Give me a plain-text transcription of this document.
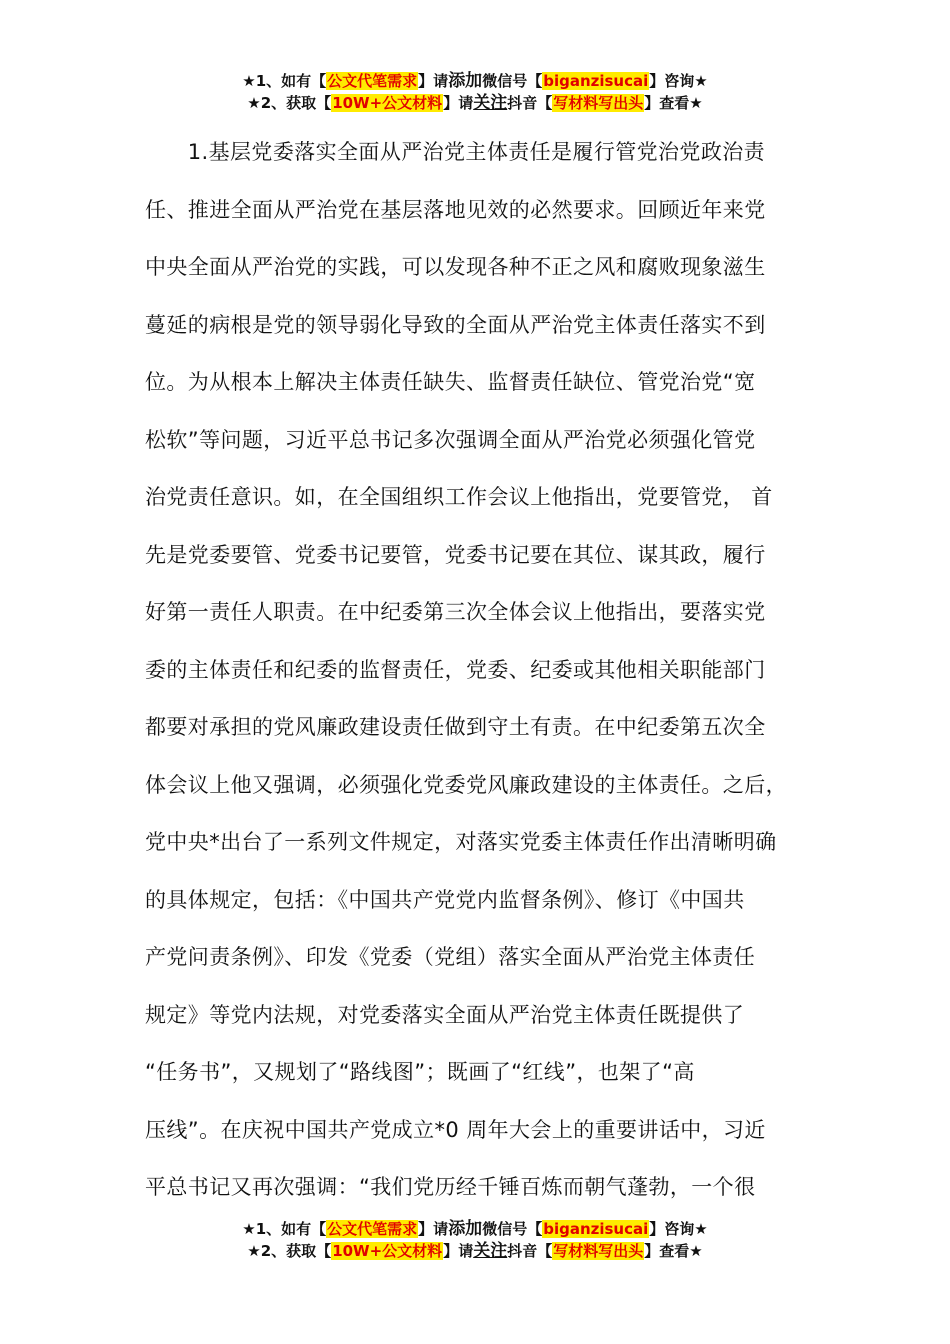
★1、如有【公文代笔需求】请添加微信号【biganzisucai】咨询★
★2、获取【10W+公文材料】请关注抖音【写材料写出头】查看★
　　1.基层党委落实全面从严治党主体责任是履行管党治党政治责
任、推进全面从严治党在基层落地见效的必然要求。回顾近年来党
中央全面从严治党的实践，可以发现各种不正之风和腐败现象滋生
蔓延的病根是党的领导弱化导致的全面从严治党主体责任落实不到
位。为从根本上解决主体责任缺失、监督责任缺位、管党治党“宽
松软”等问题，习近平总书记多次强调全面从严治党必须强化管党
治党责任意识。如，在全国组织工作会议上他指出，党要管党， 首
先是党委要管、党委书记要管，党委书记要在其位、谋其政，履行
好第一责任人职责。在中纪委第三次全体会议上他指出，要落实党
委的主体责任和纪委的监督责任，党委、纪委或其他相关职能部门
都要对承担的党风廉政建设责任做到守土有责。在中纪委第五次全
体会议上他又强调，必须强化党委党风廉政建设的主体责任。之后，
党中央*出台了一系列文件规定，对落实党委主体责任作出清晰明确
的具体规定，包括：《中国共产党党内监督条例》、修订《中国共
产党问责条例》、印发《党委（党组）落实全面从严治党主体责任
规定》等党内法规，对党委落实全面从严治党主体责任既提供了
“任务书”，又规划了“路线图”；既画了“红线”，也架了“高
压线”。在庆祝中国共产党成立*0 周年大会上的重要讲话中，习近
平总书记又再次强调：“我们党历经千锤百炼而朝气蓬勃，一个很
★1、如有【公文代笔需求】请添加微信号【biganzisucai】咨询★
★2、获取【10W+公文材料】请关注抖音【写材料写出头】查看★
